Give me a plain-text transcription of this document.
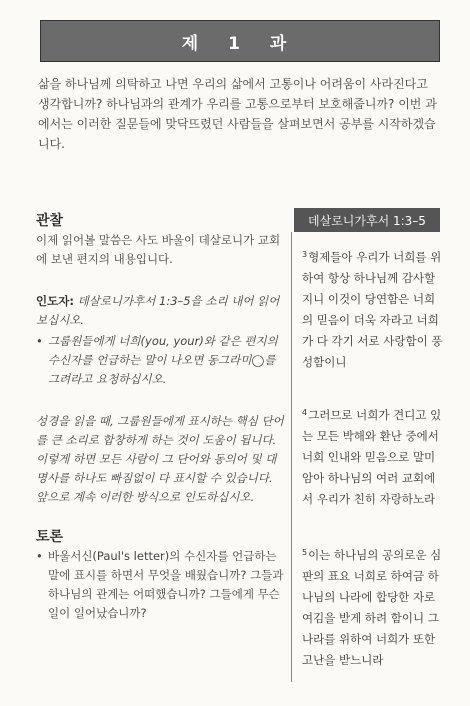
제 1 과
삶을 하나님께 의탁하고 나면 우리의 삶에서 고통이나 어려움이 사라진다고 생각합니까? 하나님과의 관계가 우리를 고통으로부터 보호해줍니까? 이번 과에서는 이러한 질문들에 맞닥뜨렸던 사람들을 살펴보면서 공부를 시작하겠습니다.
관찰
이제 읽어볼 말씀은 사도 바울이 데살로니가 교회에 보낸 편지의 내용입니다.
인도자: 데살로니가후서 1:3–5을 소리 내어 읽어보십시오.
• 그룹원들에게 너희(you, your)와 같은 편지의 수신자를 언급하는 말이 나오면 동그라미◯를 그려라고 요청하십시오.
성경을 읽을 때, 그룹원들에게 표시하는 핵심 단어를 큰 소리로 합창하게 하는 것이 도움이 됩니다. 이렇게 하면 모든 사람이 그 단어와 동의어 및 대명사를 하나도 빠짐없이 다 표시할 수 있습니다. 앞으로 계속 이러한 방식으로 인도하십시오.
토론
• 바울서신(Paul's letter)의 수신자를 언급하는 말에 표시를 하면서 무엇을 배웠습니까? 그들과 하나님의 관계는 어떠했습니까? 그들에게 무슨 일이 일어났습니까?
데살로니가후서 1:3–5
$^3$형제들아 우리가 너희를 위하여 항상 하나님께 감사할지니 이것이 당연함은 너희의 믿음이 더욱 자라고 너희가 다 각기 서로 사랑함이 풍성함이니
$^4$그러므로 너희가 견디고 있는 모든 박해와 환난 중에서 너희 인내와 믿음으로 말미암아 하나님의 여러 교회에서 우리가 친히 자랑하노라
$^5$이는 하나님의 공의로운 심판의 표요 너희로 하여금 하나님의 나라에 합당한 자로 여김을 받게 하려 함이니 그 나라를 위하여 너희가 또한 고난을 받느니라
